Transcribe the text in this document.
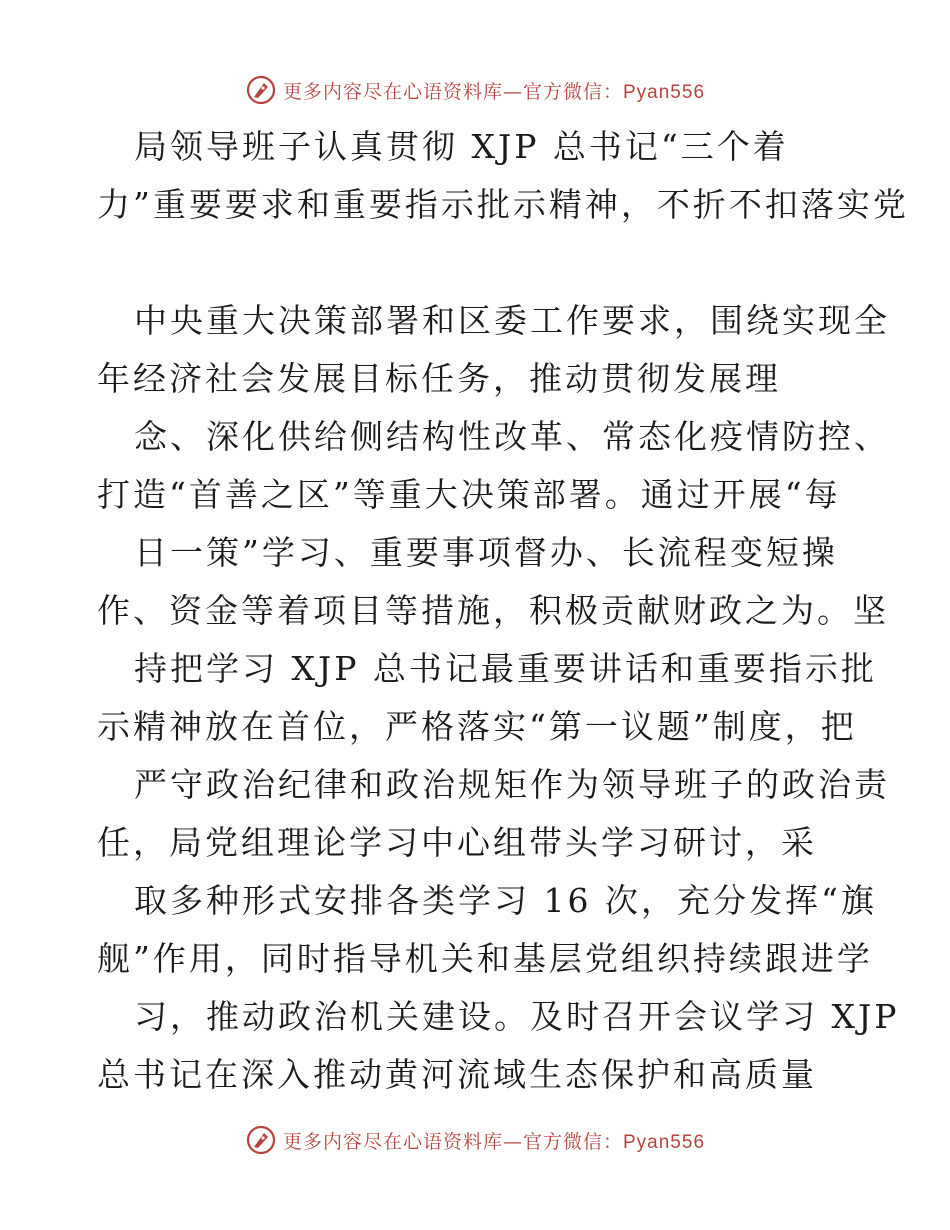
更多内容尽在心语资料库—官方微信：Pyan556
局领导班子认真贯彻 XJP 总书记“三个着
力”重要要求和重要指示批示精神，不折不扣落实党
中央重大决策部署和区委工作要求，围绕实现全
年经济社会发展目标任务，推动贯彻发展理
念、深化供给侧结构性改革、常态化疫情防控、
打造“首善之区”等重大决策部署。通过开展“每
日一策”学习、重要事项督办、长流程变短操
作、资金等着项目等措施，积极贡献财政之为。坚
持把学习 XJP 总书记最重要讲话和重要指示批
示精神放在首位，严格落实“第一议题”制度，把
严守政治纪律和政治规矩作为领导班子的政治责
任，局党组理论学习中心组带头学习研讨，采
取多种形式安排各类学习 16 次，充分发挥“旗
舰”作用，同时指导机关和基层党组织持续跟进学
习，推动政治机关建设。及时召开会议学习 XJP
总书记在深入推动黄河流域生态保护和高质量
更多内容尽在心语资料库—官方微信：Pyan556
